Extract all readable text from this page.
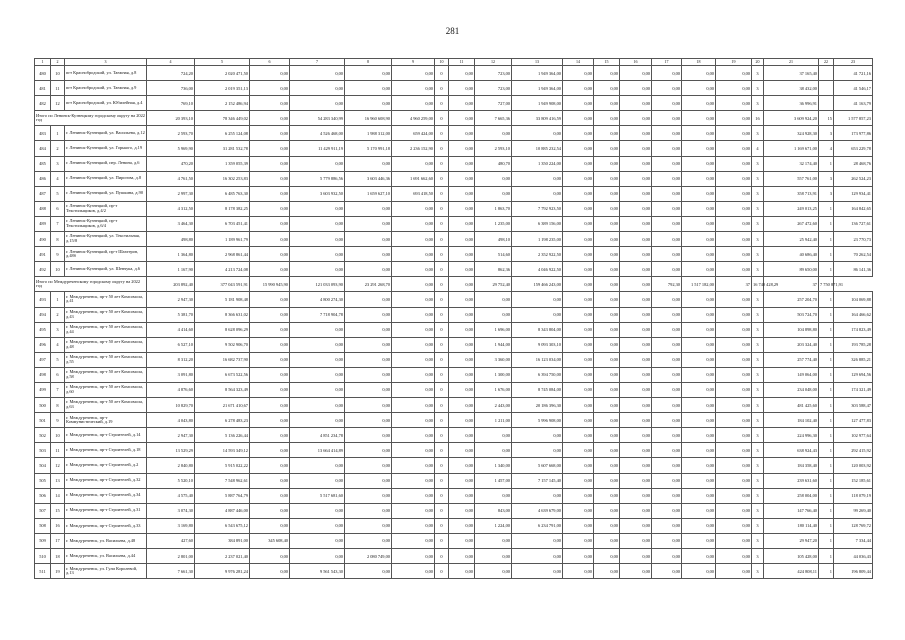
281
1	2	3	4	5	6	7	8	9	10	11	12	13	14	15	16	17	18	19	20	21	22	23
480	10	пгт Краснобродский, ул. Таежная, д.8	724,20	2 020 471,50	0,00	0,00	0,00	0,00	0	0,00	723,00	1 949 364,00	0,00	0,00	0,00	0,00	0,00	0,00	3	37 165,40		41 721,16
481	11	пгт Краснобродский, ул. Таежная, д.9	736,00	2 019 351,13	0,00	0,00	0,00	0,00	0	0,00	723,00	1 949 364,00	0,00	0,00	0,00	0,00	0,00	0,00	3	38 432,00		41 546,17
482	12	пгт Краснобродский, ул. Юбилейная, д.4	769,10	2 152 486,94	0,00	0,00	0,00	0,00	0	0,00	727,00	1 949 908,00	0,00	0,00	0,00	0,00	0,00	0,00	3	36 996,91		41 163,79
Итого по Ленинск-Кузнецкому городскому округу на 2022 год			20 393,10	78 346 449,02	0,00	54 283 340,99	16 960 608,90	4 960 259,00	0	0,00	7 665,36	33 809 416,59	0,00	0,00	0,00	0,00	0,00	0,00	16	3 609 924,20	15	1 577 857,23
483	1	г. Ленинск-Кузнецкий, ул. Васильева, д.12	2 593,70	6 255 124,08	0,00	4 526 468,00	1 988 312,00	659 424,00	0	0,00	0,00	0,00	0,00	0,00	0,00	0,00	0,00	0,00	3	324 928,30	3	173 977,86
484	2	г. Ленинск-Кузнецкий, ул. Горького, д.19	5 969,90	31 281 532,78	0,00	11 429 911,19	5 170 991,18	2 236 152,90	0	0,00	2 593,10	10 885 232,54	0,00	0,00	0,00	0,00	0,00	0,00	4	1 169 671,00	4	653 229,78
485	3	г. Ленинск-Кузнецкий, пер. Ленина, д.6	470,20	1 359 055,39	0,00	0,00	0,00	0,00	0	0,00	480,70	1 350 224,00	0,00	0,00	0,00	0,00	0,00	0,00	3	32 174,40	1	28 468,76
486	4	г. Ленинск-Кузнецкий, ул. Пирогова, д.8	4 761,50	16 302 253,83	0,00	5 779 886,56	3 603 446,36	1 691 662,60	0	0,00	0,00	0,00	0,00	0,00	0,00	0,00	0,00	0,00	3	557 761,00	3	262 524,23
487	5	г. Ленинск-Кузнецкий, ул. Пушкина, д.90	2 997,30	6 485 763,30	0,00	3 603 932,50	1 659 627,10	693 418,50	0	0,00	0,00	0,00	0,00	0,00	0,00	0,00	0,00	0,00	3	358 713,91	3	129 934,41
488	6	г. Ленинск-Кузнецкий, пр-т Текстильщиков, д.4/2	4 312,50	8 178 382,25	0,00	0,00	0,00	0,00	0	0,00	1 863,70	7 792 923,50	0,00	0,00	0,00	0,00	0,00	0,00	3	249 013,25	1	164 842,65
489	7	г. Ленинск-Кузнецкий, пр-т Текстильщиков, д.6/4	3 464,30	6 703 451,41	0,00	0,00	0,00	0,00	0	0,00	1 235,00	6 389 156,00	0,00	0,00	0,00	0,00	0,00	0,00	3	267 472,60	1	136 727,61
490	8	г. Ленинск-Кузнецкий, ул. Текстильная, д.15/8	498,80	1 189 961,79	0,00	0,00	0,00	0,00	0	0,00	498,10	1 198 235,00	0,00	0,00	0,00	0,00	0,00	0,00	3	25 942,40	1	23 770,73
491	9	г. Ленинск-Кузнецкий, пр-т Шахтеров, д.48б	1 364,80	2 968 861,44	0,00	0,00	0,00	0,00	0	0,00	514,60	2 352 922,50	0,00	0,00	0,00	0,00	0,00	0,00	3	40 686,40	1	70 262,54
492	10	г. Ленинск-Кузнецкий, ул. Шевчука, д.6	1 167,90	4 213 724,08	0,00	0,00	0,00	0,00	0	0,00	862,36	4 046 922,50	0,00	0,00	0,00	0,00	0,00	0,00	3	89 650,00	1	86 141,36
Итого по Междуреченскому городскому округу на 2022 год			203 892,40	377 043 591,91	15 990 945,90	121 033 093,90	23 291 268,70	0,00	0	0,00	29 752,40	159 466 243,00	0,00	0,00	0,00	792,30	1 517 182,00	37	16 740 428,29	37	7 750 871,91	
493	1	г. Междуреченск, пр-т 50 лет Комсомола, д.41	2 947,30	5 181 908,48	0,00	4 800 274,30	0,00	0,00	0	0,00	0,00	0,00	0,00	0,00	0,00	0,00	0,00	0,00	3	257 204,70	1	104 069,88
494	2	г. Междуреченск, пр-т 50 лет Комсомола, д.43	5 381,70	8 366 631,02	0,00	7 718 904,78	0,00	0,00	0	0,00	0,00	0,00	0,00	0,00	0,00	0,00	0,00	0,00	3	503 724,70	1	164 466,62
495	3	г. Междуреченск, пр-т 50 лет Комсомола, д.44	4 414,60	8 628 096,29	0,00	0,00	0,00	0,00	0	0,00	1 696,00	8 343 804,00	0,00	0,00	0,00	0,00	0,00	0,00	3	104 898,80	1	174 823,49
496	4	г. Междуреченск, пр-т 50 лет Комсомола, д.48	6 527,10	9 502 906,70	0,00	0,00	0,00	0,00	0	0,00	1 944,00	9 093 303,10	0,00	0,00	0,00	0,00	0,00	0,00	3	203 324,40	1	193 785,28
497	5	г. Междуреченск, пр-т 50 лет Комсомола, д.55	8 312,20	16 682 737,90	0,00	0,00	0,00	0,00	0	0,00	3 360,00	16 123 034,00	0,00	0,00	0,00	0,00	0,00	0,00	3	257 774,40	1	326 885,21
498	6	г. Междуреченск, пр-т 50 лет Комсомола, д.58	3 091,80	6 673 522,56	0,00	0,00	0,00	0,00	0	0,00	1 300,00	6 394 750,00	0,00	0,00	0,00	0,00	0,00	0,00	3	149 064,00	1	129 694,56
499	7	г. Междуреченск, пр-т 50 лет Комсомола, д.60	4 876,60	8 564 323,49	0,00	0,00	0,00	0,00	0	0,00	1 676,00	8 745 084,00	0,00	0,00	0,00	0,00	0,00	0,00	3	234 048,00	1	174 321,49
500	8	г. Междуреченск, пр-т 50 лет Комсомола, д.63	10 829,70	21 671 410,67	0,00	0,00	0,00	0,00	0	0,00	2 443,00	20 186 396,30	0,00	0,00	0,00	0,00	0,00	0,00	3	481 425,60	1	303 588,47
501	9	г. Междуреченск, пр-т Коммунистический, д.19	4 043,80	6 278 483,23	0,00	0,00	0,00	0,00	0	0,00	1 211,00	5 996 908,00	0,00	0,00	0,00	0,00	0,00	0,00	3	184 102,40	1	127 477,83
502	10	г. Междуреченск, пр-т Строителей, д.14	2 947,30	5 136 226,44	0,00	4 851 234,78	0,00	0,00	0	0,00	0,00	0,00	0,00	0,00	0,00	0,00	0,00	0,00	3	224 996,30	1	102 977,64
503	11	г. Междуреченск, пр-т Строителей, д.18	13 529,29	14 593 349,12	0,00	13 664 414,89	0,00	0,00	0	0,00	0,00	0,00	0,00	0,00	0,00	0,00	0,00	0,00	3	638 924,43	1	292 415,92
504	12	г. Междуреченск, пр-т Строителей, д.2	2 840,80	5 915 022,22	0,00	0,00	0,00	0,00	0	0,00	1 340,00	5 607 668,00	0,00	0,00	0,00	0,00	0,00	0,00	3	184 358,40	1	120 003,92
505	13	г. Междуреченск, пр-т Строителей, д.32	5 520,10	7 548 962,61	0,00	0,00	0,00	0,00	0	0,00	1 457,00	7 157 145,40	0,00	0,00	0,00	0,00	0,00	0,00	3	239 631,60	1	152 185,61
506	14	г. Междуреченск, пр-т Строителей, д.34	4 575,40	5 887 764,79	0,00	5 517 681,60	0,00	0,00	0	0,00	0,00	0,00	0,00	0,00	0,00	0,00	0,00	0,00	3	258 004,00	1	118 079,19
507	15	г. Междуреченск, пр-т Строителей, д.31	3 074,30	4 887 446,00	0,00	0,00	0,00	0,00	0	0,00	843,00	4 639 679,00	0,00	0,00	0,00	0,00	0,00	0,00	3	147 766,40	1	99 269,40
508	16	г. Междуреченск, пр-т Строителей, д.33	3 169,80	6 543 675,12	0,00	0,00	0,00	0,00	0	0,00	1 224,00	6 234 791,00	0,00	0,00	0,00	0,00	0,00	0,00	3	180 114,40	1	128 769,72
509	17	г. Междуреченск, ул. Васильева, д.48	427,60	384 891,00	345 608,40	0,00	0,00	0,00	0	0,00	0,00	0,00	0,00	0,00	0,00	0,00	0,00	0,00	3	29 947,20	1	7 334,44
510	18	г. Междуреченск, ул. Васильева, д.44	2 801,00	2 237 021,40	0,00	0,00	2 080 749,00	0,00	0	0,00	0,00	0,00	0,00	0,00	0,00	0,00	0,00	0,00	3	105 428,00	1	44 036,43
511	19	г. Междуреченск, ул. Гули Королевой, д.13	7 661,30	9 976 281,24	0,00	9 561 543,30	0,00	0,00	0	0,00	0,00	0,00	0,00	0,00	0,00	0,00	0,00	0,00	3	424 808,11	1	196 809,44
